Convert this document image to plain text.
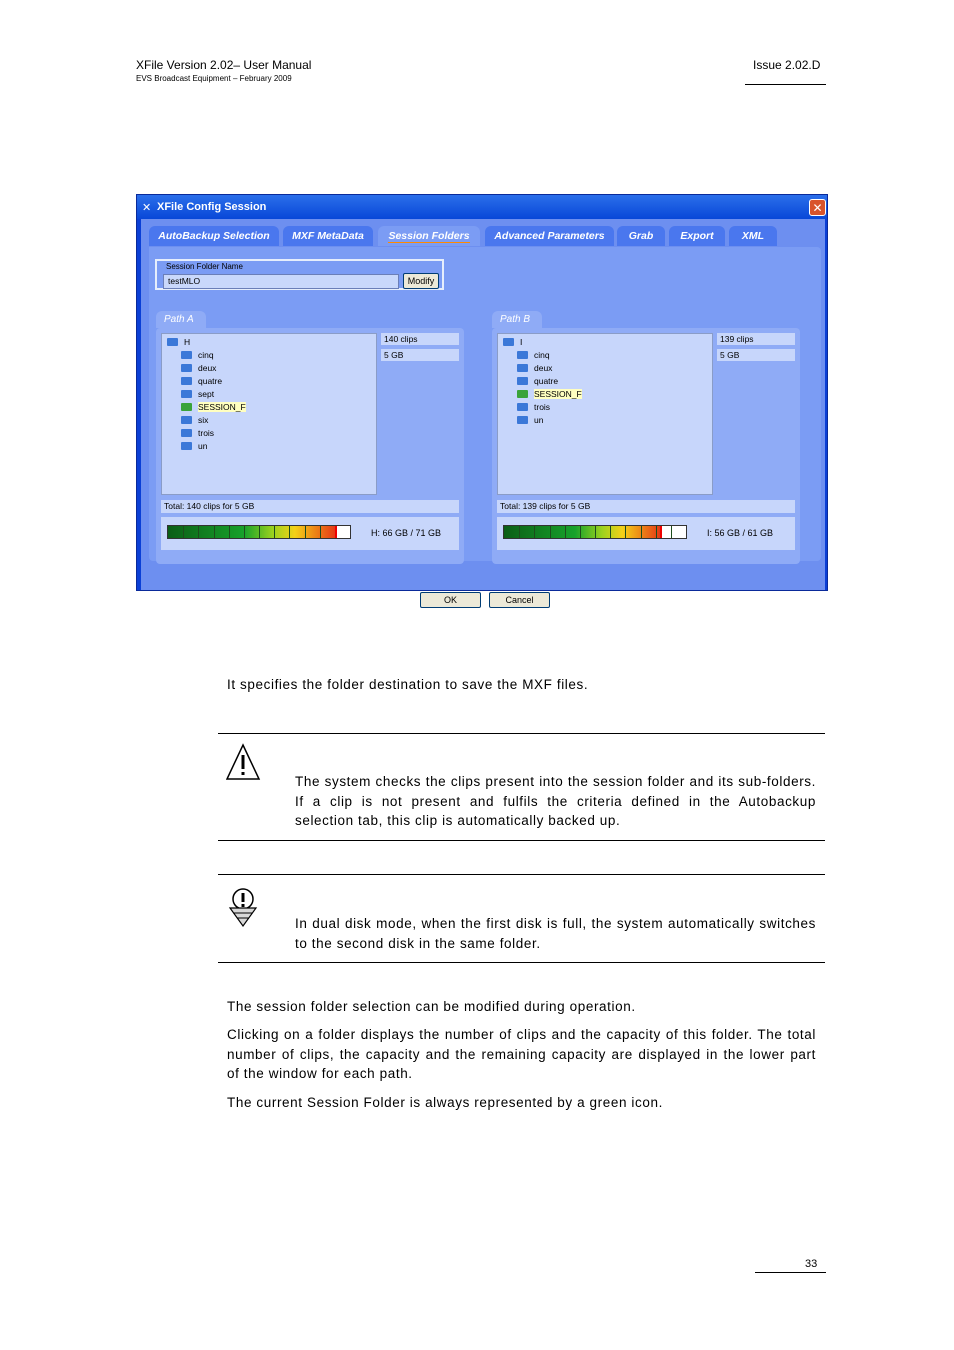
XFile Version 2.02– User Manual
EVS Broadcast Equipment – February 2009
Issue 2.02.D
✕ XFile Config Session	✕
AutoBackup Selection	MXF MetaData	Session Folders	Advanced Parameters	Grab	Export	XML
Session Folder Name
testMLO	Modify
Path A
H
cinq
deux
quatre
sept
SESSION_F
six
trois
un
140 clips
5 GB
Total: 140 clips for 5 GB
H: 66 GB / 71 GB
Path B
I
cinq
deux
quatre
SESSION_F
trois
un
139 clips
5 GB
Total: 139 clips for 5 GB
I: 56 GB / 61 GB
OK	Cancel
It specifies the folder destination to save the MXF files.
The system checks the clips present into the session folder and its sub-folders. If a clip is not present and fulfils the criteria defined in the Autobackup selection tab, this clip is automatically backed up.
In dual disk mode, when the first disk is full, the system automatically switches to the second disk in the same folder.
The session folder selection can be modified during operation.
Clicking on a folder displays the number of clips and the capacity of this folder. The total number of clips, the capacity and the remaining capacity are displayed in the lower part of the window for each path.
The current Session Folder is always represented by a green icon.
33
